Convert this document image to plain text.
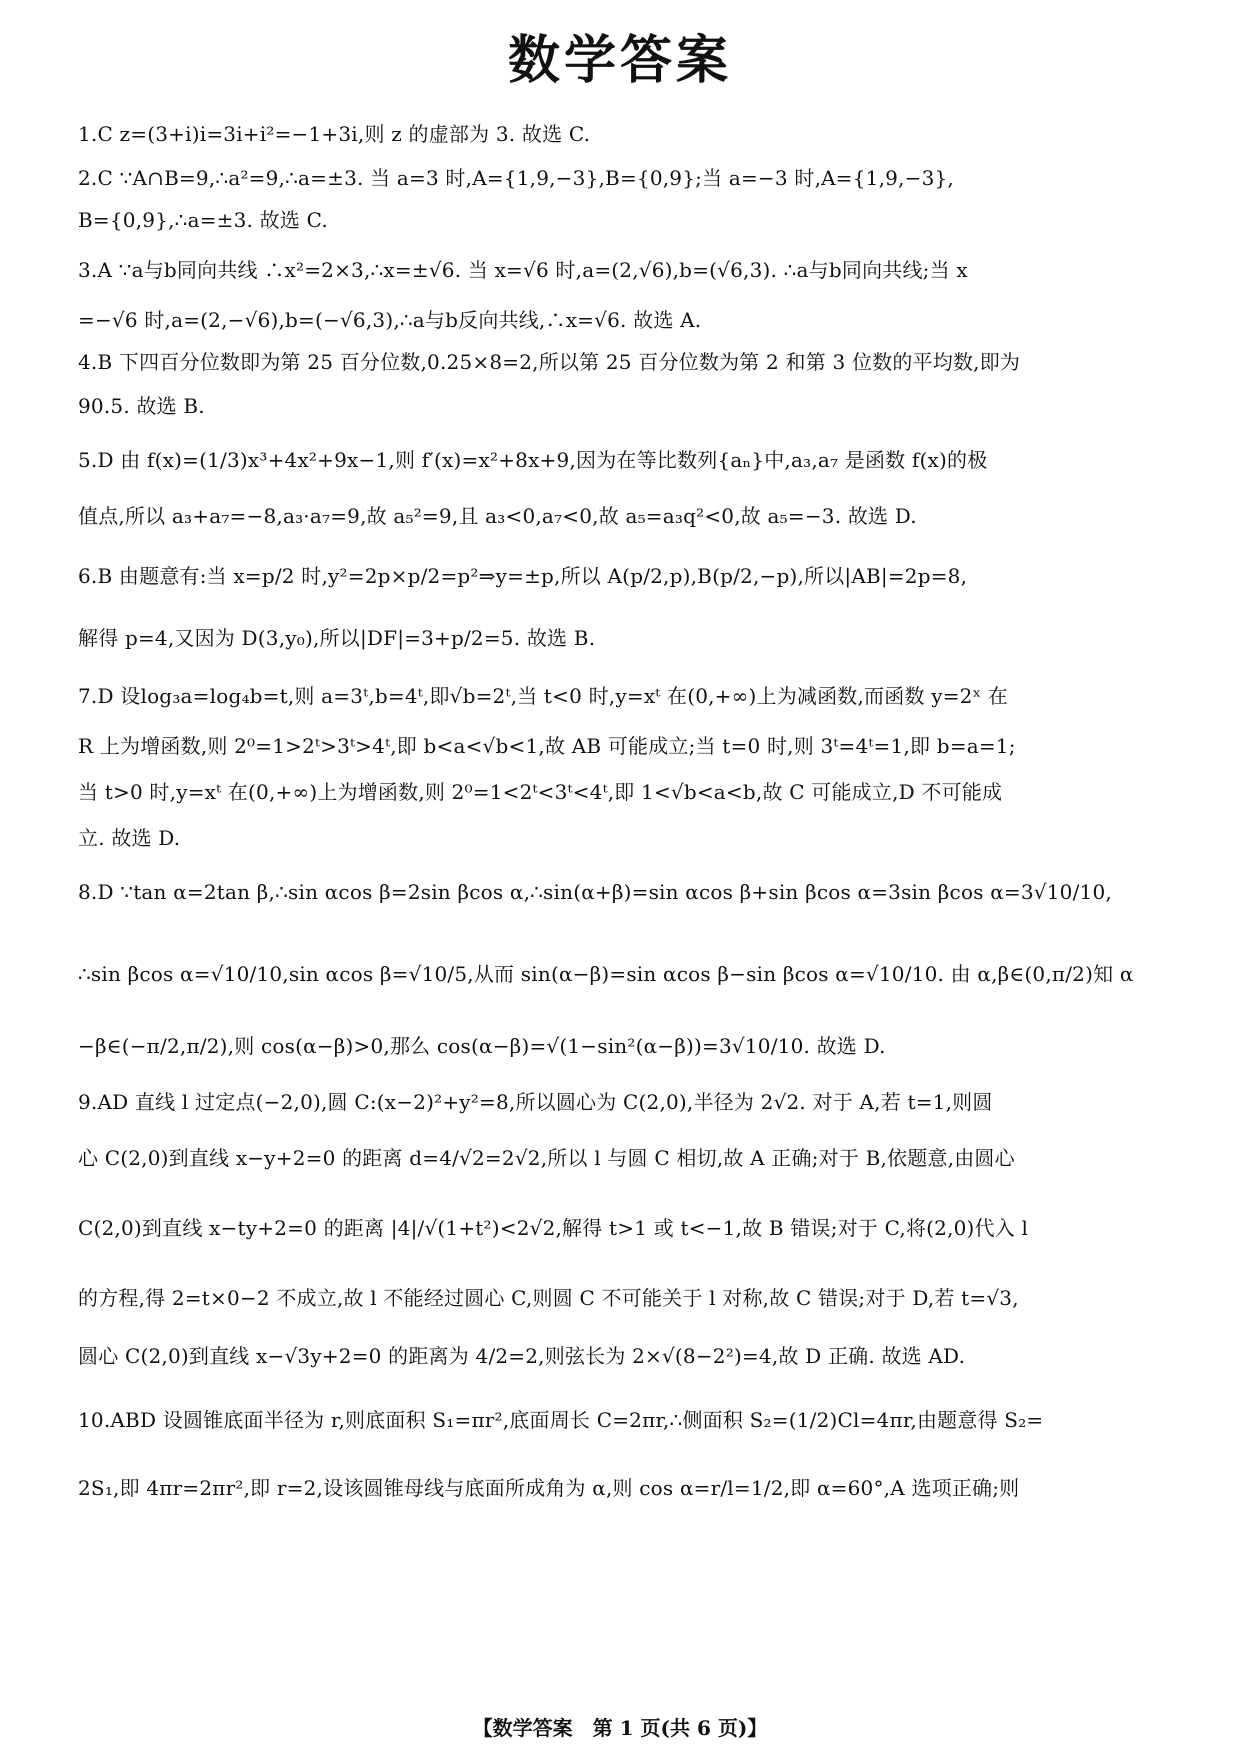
数学答案
1.C z=(3+i)i=3i+i²=−1+3i,则 z 的虚部为 3. 故选 C.
2.C ∵A∩B=9,∴a²=9,∴a=±3. 当 a=3 时,A={1,9,−3},B={0,9};当 a=−3 时,A={1,9,−3},
B={0,9},∴a=±3. 故选 C.
3.A ∵a与b同向共线 ∴x²=2×3,∴x=±√6. 当 x=√6 时,a=(2,√6),b=(√6,3). ∴a与b同向共线;当 x
=−√6 时,a=(2,−√6),b=(−√6,3),∴a与b反向共线,∴x=√6. 故选 A.
4.B 下四百分位数即为第 25 百分位数,0.25×8=2,所以第 25 百分位数为第 2 和第 3 位数的平均数,即为
90.5. 故选 B.
5.D 由 f(x)=(1/3)x³+4x²+9x−1,则 f′(x)=x²+8x+9,因为在等比数列{aₙ}中,a₃,a₇ 是函数 f(x)的极
值点,所以 a₃+a₇=−8,a₃·a₇=9,故 a₅²=9,且 a₃<0,a₇<0,故 a₅=a₃q²<0,故 a₅=−3. 故选 D.
6.B 由题意有:当 x=p/2 时,y²=2p×p/2=p²⇒y=±p,所以 A(p/2,p),B(p/2,−p),所以|AB|=2p=8,
解得 p=4,又因为 D(3,y₀),所以|DF|=3+p/2=5. 故选 B.
7.D 设log₃a=log₄b=t,则 a=3ᵗ,b=4ᵗ,即√b=2ᵗ,当 t<0 时,y=xᵗ 在(0,+∞)上为减函数,而函数 y=2ˣ 在
R 上为增函数,则 2⁰=1>2ᵗ>3ᵗ>4ᵗ,即 b<a<√b<1,故 AB 可能成立;当 t=0 时,则 3ᵗ=4ᵗ=1,即 b=a=1;
当 t>0 时,y=xᵗ 在(0,+∞)上为增函数,则 2⁰=1<2ᵗ<3ᵗ<4ᵗ,即 1<√b<a<b,故 C 可能成立,D 不可能成
立. 故选 D.
8.D ∵tan α=2tan β,∴sin αcos β=2sin βcos α,∴sin(α+β)=sin αcos β+sin βcos α=3sin βcos α=3√10/10,
∴sin βcos α=√10/10,sin αcos β=√10/5,从而 sin(α−β)=sin αcos β−sin βcos α=√10/10. 由 α,β∈(0,π/2)知 α
−β∈(−π/2,π/2),则 cos(α−β)>0,那么 cos(α−β)=√(1−sin²(α−β))=3√10/10. 故选 D.
9.AD 直线 l 过定点(−2,0),圆 C:(x−2)²+y²=8,所以圆心为 C(2,0),半径为 2√2. 对于 A,若 t=1,则圆
心 C(2,0)到直线 x−y+2=0 的距离 d=4/√2=2√2,所以 l 与圆 C 相切,故 A 正确;对于 B,依题意,由圆心
C(2,0)到直线 x−ty+2=0 的距离 |4|/√(1+t²)<2√2,解得 t>1 或 t<−1,故 B 错误;对于 C,将(2,0)代入 l
的方程,得 2=t×0−2 不成立,故 l 不能经过圆心 C,则圆 C 不可能关于 l 对称,故 C 错误;对于 D,若 t=√3,
圆心 C(2,0)到直线 x−√3y+2=0 的距离为 4/2=2,则弦长为 2×√(8−2²)=4,故 D 正确. 故选 AD.
10.ABD 设圆锥底面半径为 r,则底面积 S₁=πr²,底面周长 C=2πr,∴侧面积 S₂=(1/2)Cl=4πr,由题意得 S₂=
2S₁,即 4πr=2πr²,即 r=2,设该圆锥母线与底面所成角为 α,则 cos α=r/l=1/2,即 α=60°,A 选项正确;则
【数学答案　第 1 页(共 6 页)】
